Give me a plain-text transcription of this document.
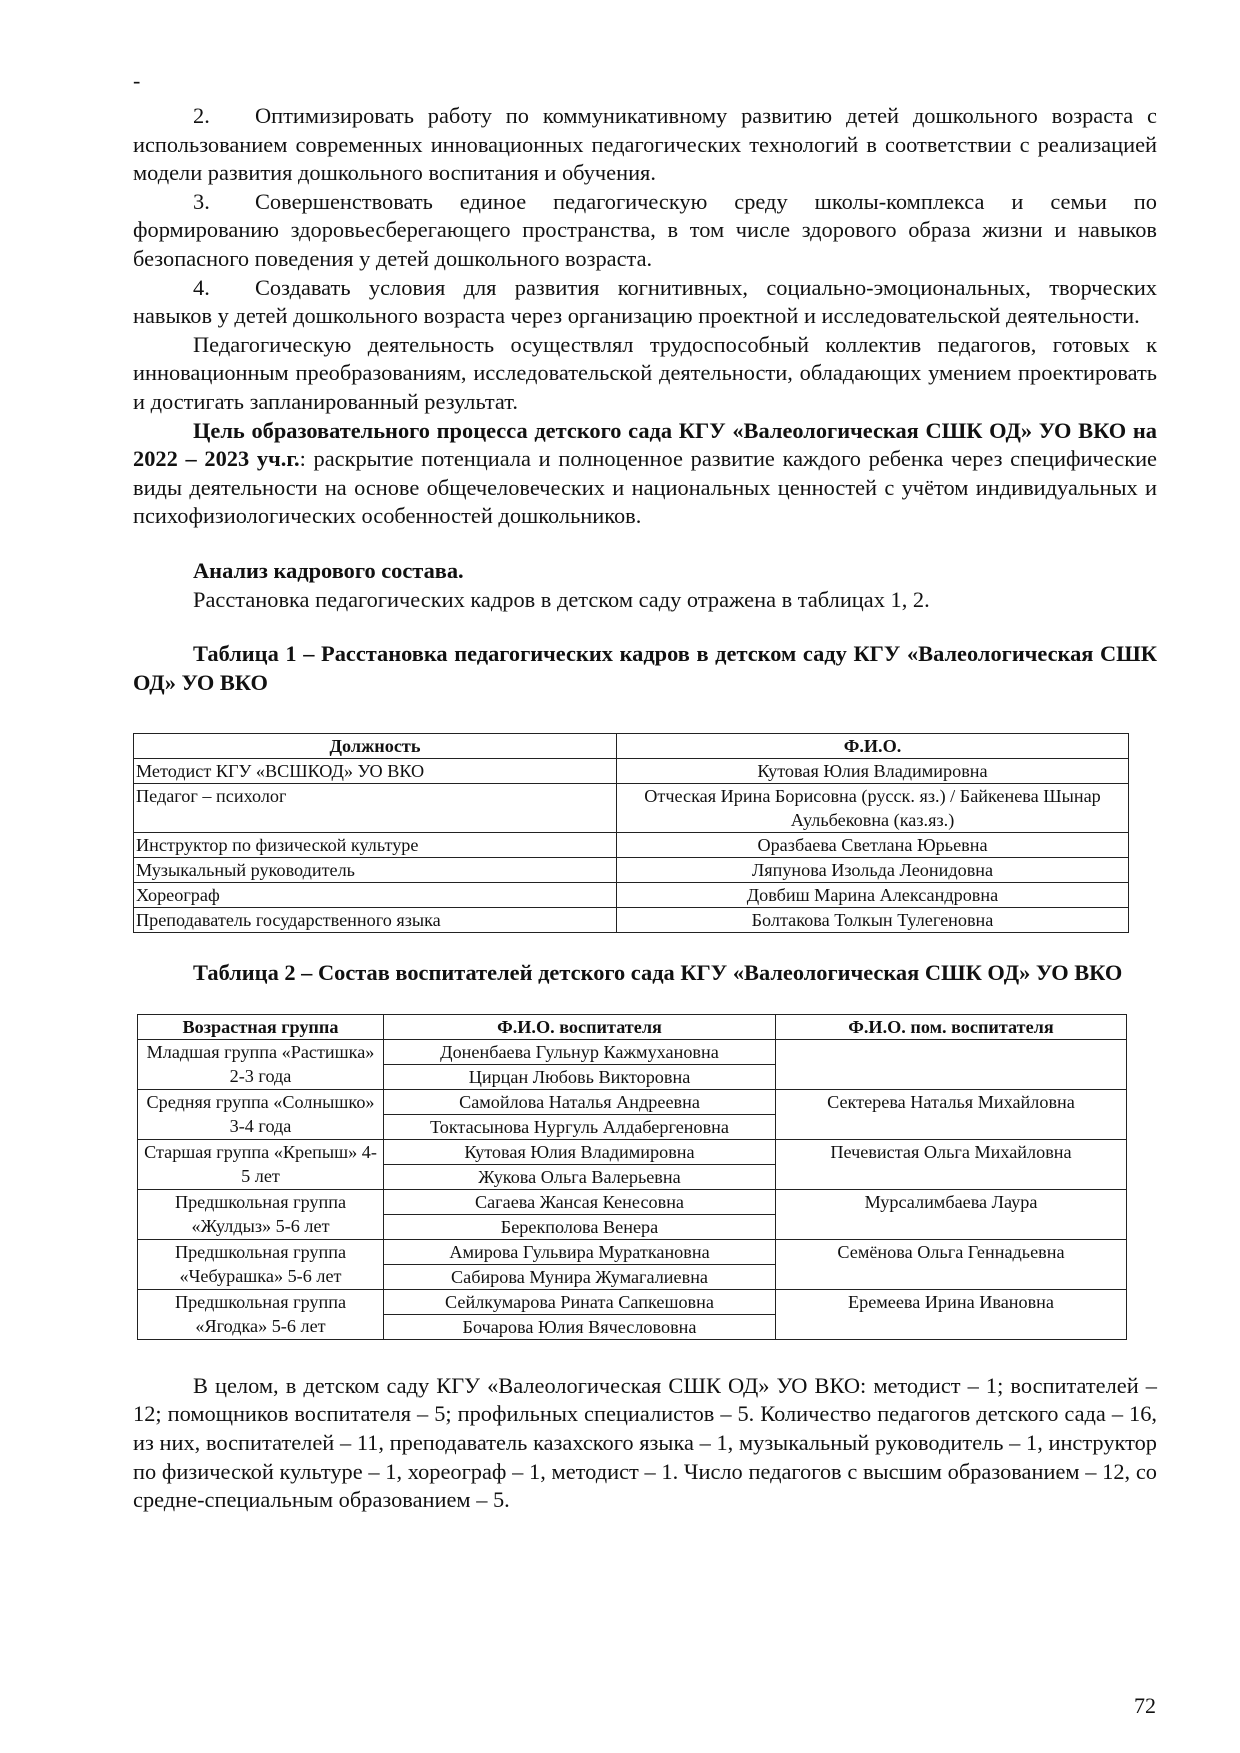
-

2. Оптимизировать работу по коммуникативному развитию детей дошкольного возраста с использованием современных инновационных педагогических технологий в соответствии с реализацией модели развития дошкольного воспитания и обучения.

3. Совершенствовать единое педагогическую среду школы-комплекса и семьи по формированию здоровьесберегающего пространства, в том числе здорового образа жизни и навыков безопасного поведения у детей дошкольного возраста.

4. Создавать условия для развития когнитивных, социально-эмоциональных, творческих навыков у детей дошкольного возраста через организацию проектной и исследовательской деятельности.

Педагогическую деятельность осуществлял трудоспособный коллектив педагогов, готовых к инновационным преобразованиям, исследовательской деятельности, обладающих умением проектировать и достигать запланированный результат.

Цель образовательного процесса детского сада КГУ «Валеологическая СШК ОД» УО ВКО на 2022 – 2023 уч.г.: раскрытие потенциала и полноценное развитие каждого ребенка через специфические виды деятельности на основе общечеловеческих и национальных ценностей с учётом индивидуальных и психофизиологических особенностей дошкольников.

Анализ кадрового состава.

Расстановка педагогических кадров в детском саду отражена в таблицах 1, 2.

Таблица 1 – Расстановка педагогических кадров в детском саду КГУ «Валеологическая СШК ОД» УО ВКО

Должность	Ф.И.О.
Методист КГУ «ВСШКОД» УО ВКО	Кутовая Юлия Владимировна
Педагог – психолог	Отческая Ирина Борисовна (русск. яз.) / Байкенева Шынар Аульбековна (каз.яз.)
Инструктор по физической культуре	Оразбаева Светлана Юрьевна
Музыкальный руководитель	Ляпунова Изольда Леонидовна
Хореограф	Довбиш Марина Александровна
Преподаватель государственного языка	Болтакова Толкын Тулегеновна

Таблица 2 – Состав воспитателей детского сада КГУ «Валеологическая СШК ОД» УО ВКО

Возрастная группа	Ф.И.О. воспитателя	Ф.И.О. пом. воспитателя
Младшая группа «Растишка» 2-3 года	Доненбаева Гульнур Кажмухановна	
	Цирцан Любовь Викторовна	
Средняя группа «Солнышко» 3-4 года	Самойлова Наталья Андреевна	Сектерева Наталья Михайловна
	Токтасынова Нургуль Алдабергеновна	
Старшая группа «Крепыш» 4-5 лет	Кутовая Юлия Владимировна	Печевистая Ольга Михайловна
	Жукова Ольга Валерьевна	
Предшкольная группа «Жулдыз» 5-6 лет	Сагаева Жансая Кенесовна	Мурсалимбаева Лаура
	Берекполова Венера	
Предшкольная группа «Чебурашка» 5-6 лет	Амирова Гульвира Мураткановна	Семёнова Ольга Геннадьевна
	Сабирова Мунира Жумагалиевна	
Предшкольная группа «Ягодка» 5-6 лет	Сейлкумарова Рината Сапкешовна	Еремеева Ирина Ивановна
	Бочарова Юлия Вячеслововна	

В целом, в детском саду КГУ «Валеологическая СШК ОД» УО ВКО: методист – 1; воспитателей – 12; помощников воспитателя – 5; профильных специалистов – 5. Количество педагогов детского сада – 16, из них, воспитателей – 11, преподаватель казахского языка – 1, музыкальный руководитель – 1, инструктор по физической культуре – 1, хореограф – 1, методист – 1. Число педагогов с высшим образованием – 12, со средне-специальным образованием – 5.

72
